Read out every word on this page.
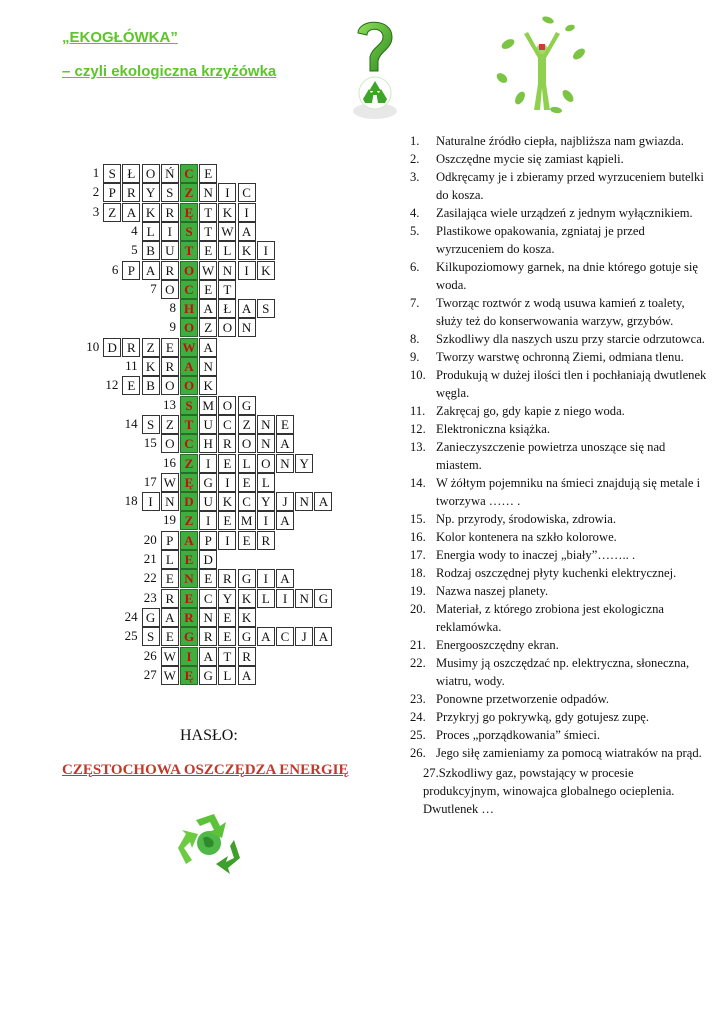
„EKOGŁÓWKA”
– czyli ekologiczna krzyżówka
1 S Ł O Ń C E
2 P R Y S Z N I C
3 Z A K R Ę T K I
4 L	I	S T W A
5 B U T E L K I
6 P A R O W N I K
7 O C E T
8 H A Ł A S
9 O Z O N
10 D R Z E W A
11 K R A N
12 E B O O K
13 S M O G
14 S Z T U C Z N E
15 O C H R O N A
16 Z I	E L O N Y
17 W Ę G I	E L
18 I N D U K C Y J N A
19 Z I	E M I A
20 P A P	I	E R
21 L E D
22 E N E R G I A
23 R E C Y K L	I N G
24 G A R N E K
25 S E G R E G A C J A
26 W I A T R
27 W Ę G L A
HASŁO:
CZĘSTOCHOWA OSZCZĘDZA ENERGIĘ
1.	Naturalne źródło ciepła, najbliższa nam gwiazda.
2.	Oszczędne mycie się zamiast kąpieli.
3.	Odkręcamy je i zbieramy przed wyrzuceniem butelki do kosza.
4.	Zasilająca wiele urządzeń z jednym wyłącznikiem.
5.	Plastikowe opakowania, zgniataj je przed wyrzuceniem do kosza.
6.	Kilkupoziomowy garnek, na dnie którego gotuje się woda.
7.	Tworząc roztwór z wodą usuwa kamień z toalety, służy też do konserwowania warzyw, grzybów.
8.	Szkodliwy dla naszych uszu przy starcie odrzutowca.
9.	Tworzy warstwę ochronną Ziemi, odmiana tlenu.
10. Produkują w dużej ilości tlen i pochłaniają dwutlenek węgla.
11. Zakręcaj go, gdy kapie z niego woda.
12. Elektroniczna książka.
13. Zanieczyszczenie powietrza unoszące się nad miastem.
14. W żółtym pojemniku na śmieci znajdują się metale i tworzywa …… .
15. Np. przyrody, środowiska, zdrowia.
16. Kolor kontenera na szkło kolorowe.
17. Energia wody to inaczej „biały”…….. .
18. Rodzaj oszczędnej płyty kuchenki elektrycznej.
19. Nazwa naszej planety.
20. Materiał, z którego zrobiona jest ekologiczna reklamówka.
21. Energooszczędny ekran.
22. Musimy ją oszczędzać np. elektryczna, słoneczna, wiatru, wody.
23. Ponowne przetworzenie odpadów.
24. Przykryj go pokrywką, gdy gotujesz zupę.
25. Proces „porządkowania” śmieci.
26. Jego siłę zamieniamy za pomocą wiatraków na prąd.
27.Szkodliwy gaz, powstający w procesie produkcyjnym, winowajca globalnego ocieplenia. Dwutlenek …
